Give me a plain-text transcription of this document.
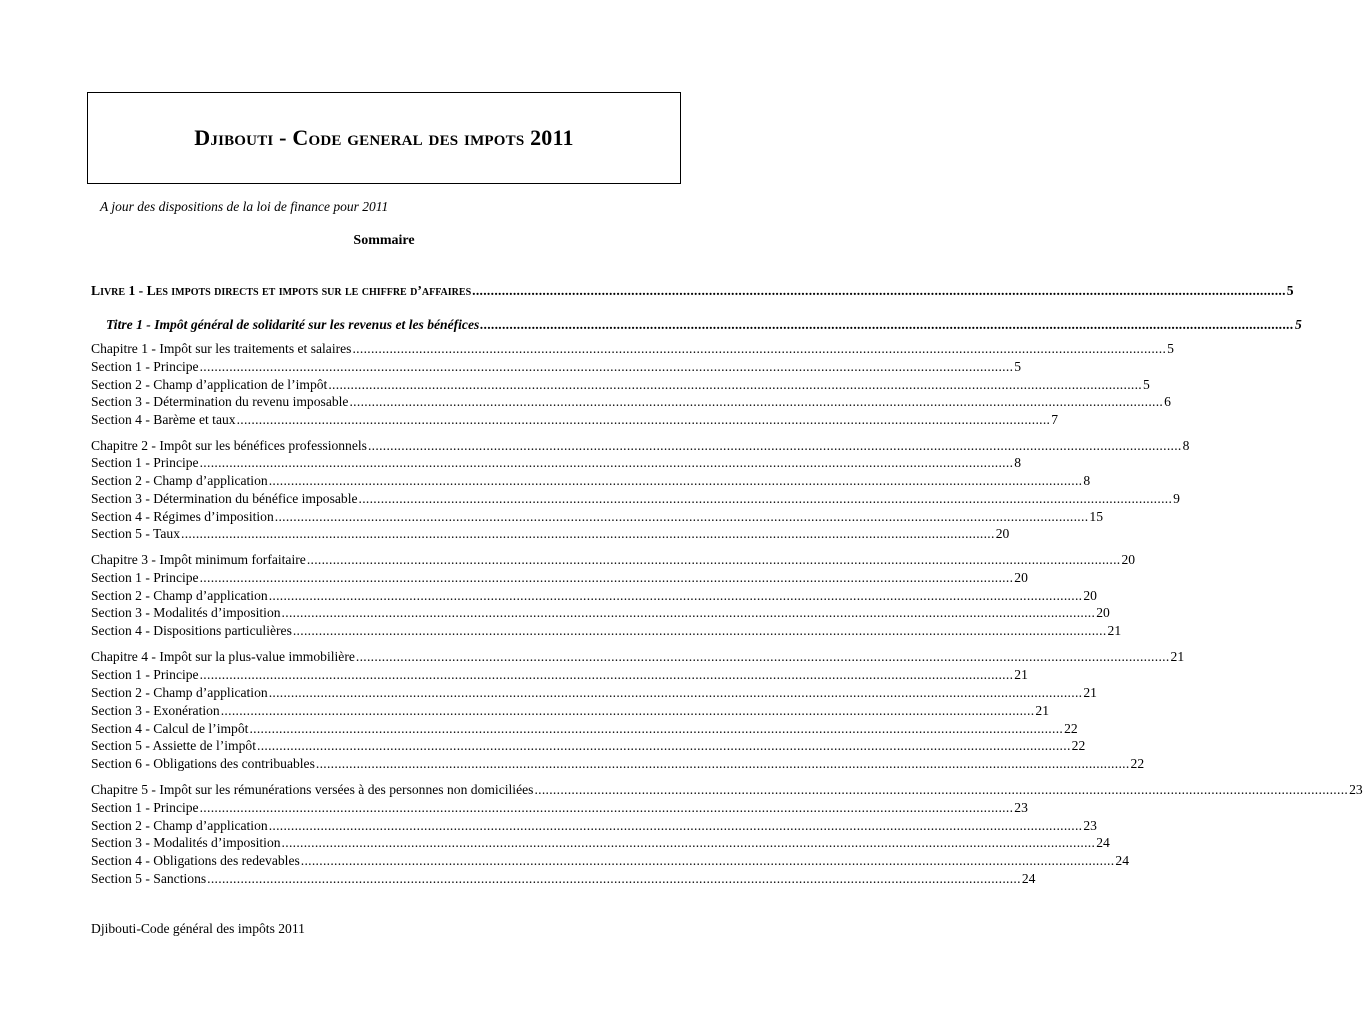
Djibouti - Code general des impots 2011
A jour des dispositions de la loi de finance pour 2011
Sommaire
Livre 1 - Les impots directs et impots sur le chiffre d’affaires ............................................................................................................................................................................................................................ 5
Titre 1 - Impôt général de solidarité sur les revenus et les bénéfices ............................................................................................................................................................................................................................ 5
Chapitre 1 - Impôt sur les traitements et salaires ............................................................................................................................................................................................................................ 5
Section 1 - Principe ............................................................................................................................................................................................................................ 5
Section 2 - Champ d’application de l’impôt ............................................................................................................................................................................................................................ 5
Section 3 - Détermination du revenu imposable ............................................................................................................................................................................................................................ 6
Section 4 - Barème et taux ............................................................................................................................................................................................................................ 7
Chapitre 2 - Impôt sur les bénéfices professionnels ............................................................................................................................................................................................................................ 8
Section 1 - Principe ............................................................................................................................................................................................................................ 8
Section 2 - Champ d’application ............................................................................................................................................................................................................................ 8
Section 3 - Détermination du bénéfice imposable ............................................................................................................................................................................................................................ 9
Section 4 - Régimes d’imposition ............................................................................................................................................................................................................................ 15
Section 5 - Taux ............................................................................................................................................................................................................................ 20
Chapitre 3 - Impôt minimum forfaitaire ............................................................................................................................................................................................................................ 20
Section 1 - Principe ............................................................................................................................................................................................................................ 20
Section 2 - Champ d’application ............................................................................................................................................................................................................................ 20
Section 3 - Modalités d’imposition ............................................................................................................................................................................................................................ 20
Section 4 - Dispositions particulières ............................................................................................................................................................................................................................ 21
Chapitre 4 - Impôt sur la plus-value immobilière ............................................................................................................................................................................................................................ 21
Section 1 - Principe ............................................................................................................................................................................................................................ 21
Section 2 - Champ d’application ............................................................................................................................................................................................................................ 21
Section 3 - Exonération ............................................................................................................................................................................................................................ 21
Section 4 - Calcul de l’impôt ............................................................................................................................................................................................................................ 22
Section 5 - Assiette de l’impôt ............................................................................................................................................................................................................................ 22
Section 6 - Obligations des contribuables ............................................................................................................................................................................................................................ 22
Chapitre 5 - Impôt sur les rémunérations versées à des personnes non domiciliées ............................................................................................................................................................................................................................ 23
Section 1 - Principe ............................................................................................................................................................................................................................ 23
Section 2 - Champ d’application ............................................................................................................................................................................................................................ 23
Section 3 - Modalités d’imposition ............................................................................................................................................................................................................................ 24
Section 4 - Obligations des redevables ............................................................................................................................................................................................................................ 24
Section 5 - Sanctions ............................................................................................................................................................................................................................ 24
Djibouti-Code général des impôts 2011
